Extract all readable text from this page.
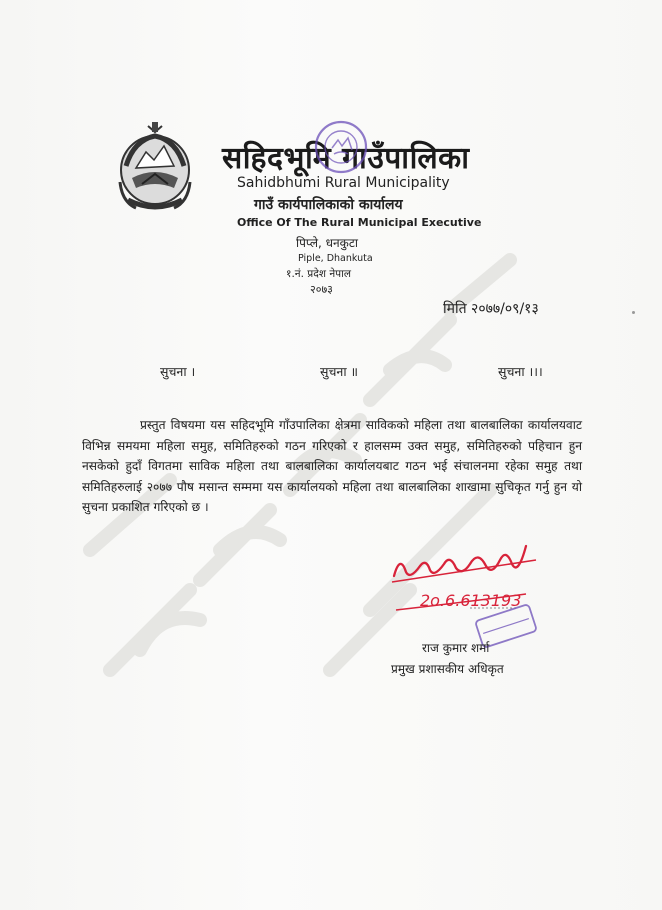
सहिदभूमि गाउँपालिका
Sahidbhumi Rural Municipality
गाउँ कार्यपालिकाको कार्यालय
Office Of The Rural Municipal Executive
पिप्ले, धनकुटा
Piple, Dhankuta
१.नं. प्रदेश नेपाल
२०७३
मिति २०७७/०९/१३
सुचना ।	सुचना ॥	सुचना ।।।
प्रस्तुत विषयमा यस सहिदभूमि गाँउपालिका क्षेत्रमा साविकको महिला तथा बालबालिका कार्यालयवाट विभिन्न समयमा महिला समुह, समितिहरुको गठन गरिएको र हालसम्म उक्त समुह, समितिहरुको पहिचान हुन नसकेको हुदाँ विगतमा साविक महिला तथा बालबालिका कार्यालयबाट गठन भई संचालनमा रहेका समुह तथा समितिहरुलाई २०७७ पौष मसान्त सम्ममा यस कार्यालयको महिला तथा बालबालिका शाखामा सुचिकृत गर्नु हुन यो सुचना प्रकाशित गरिएको छ ।
2o.6.613193
राज कुमार शर्मा
प्रमुख प्रशासकीय अधिकृत
